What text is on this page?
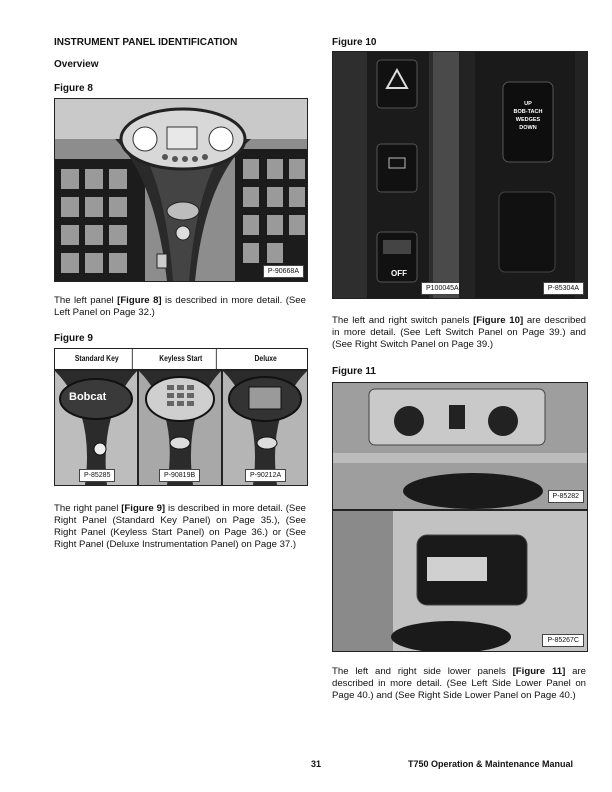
INSTRUMENT PANEL IDENTIFICATION
Overview
Figure 8
P-90668A
The left panel [Figure 8] is described in more detail. (See Left Panel on Page 32.)
Figure 9
Standard Key	Keyless Start	Deluxe
Bobcat
P-85285	P-90819B	P-90212A
The right panel [Figure 9] is described in more detail. (See Right Panel (Standard Key Panel) on Page 35.), (See Right Panel (Keyless Start Panel) on Page 36.) or (See Right Panel (Deluxe Instrumentation Panel) on Page 37.)
Figure 10
OFF
P100045A
UP
BOB-TACH
WEDGES
DOWN
P-85304A
The left and right switch panels [Figure 10] are described in more detail. (See Left Switch Panel on Page 39.) and (See Right Switch Panel on Page 39.)
Figure 11
P-85282
P-85267C
The left and right side lower panels [Figure 11] are described in more detail. (See Left Side Lower Panel on Page 40.) and (See Right Side Lower Panel on Page 40.)
31	T750 Operation & Maintenance Manual
